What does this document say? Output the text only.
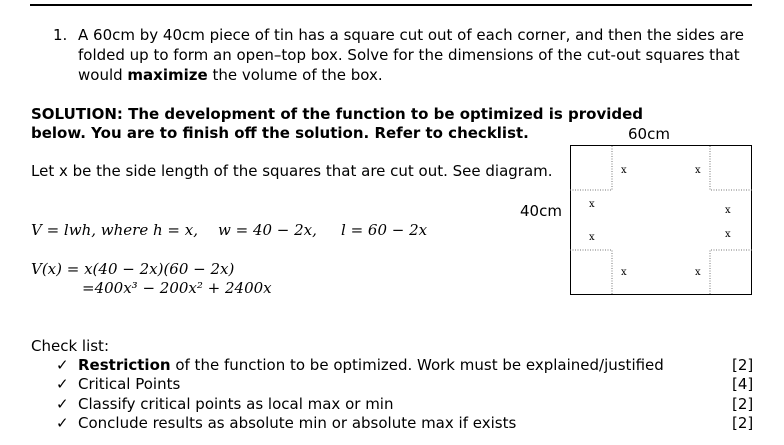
1. A 60cm by 40cm piece of tin has a square cut out of each corner, and then the sides are
folded up to form an open–top box. Solve for the dimensions of the cut-out squares that
would maximize the volume of the box.
SOLUTION: The development of the function to be optimized is provided
below. You are to finish off the solution. Refer to checklist.
Let x be the side length of the squares that are cut out. See diagram.
V = lwh, where h = x, w = 40 − 2x, l = 60 − 2x
V(x) = x(40 − 2x)(60 − 2x)
=400x³ − 200x² + 2400x
60cm
40cm
x	x
x
x
x	x
x	x
Check list:
✓ Restriction of the function to be optimized. Work must be explained/justified	[2]
✓ Critical Points	[4]
✓ Classify critical points as local max or min	[2]
✓ Conclude results as absolute min or absolute max if exists	[2]
